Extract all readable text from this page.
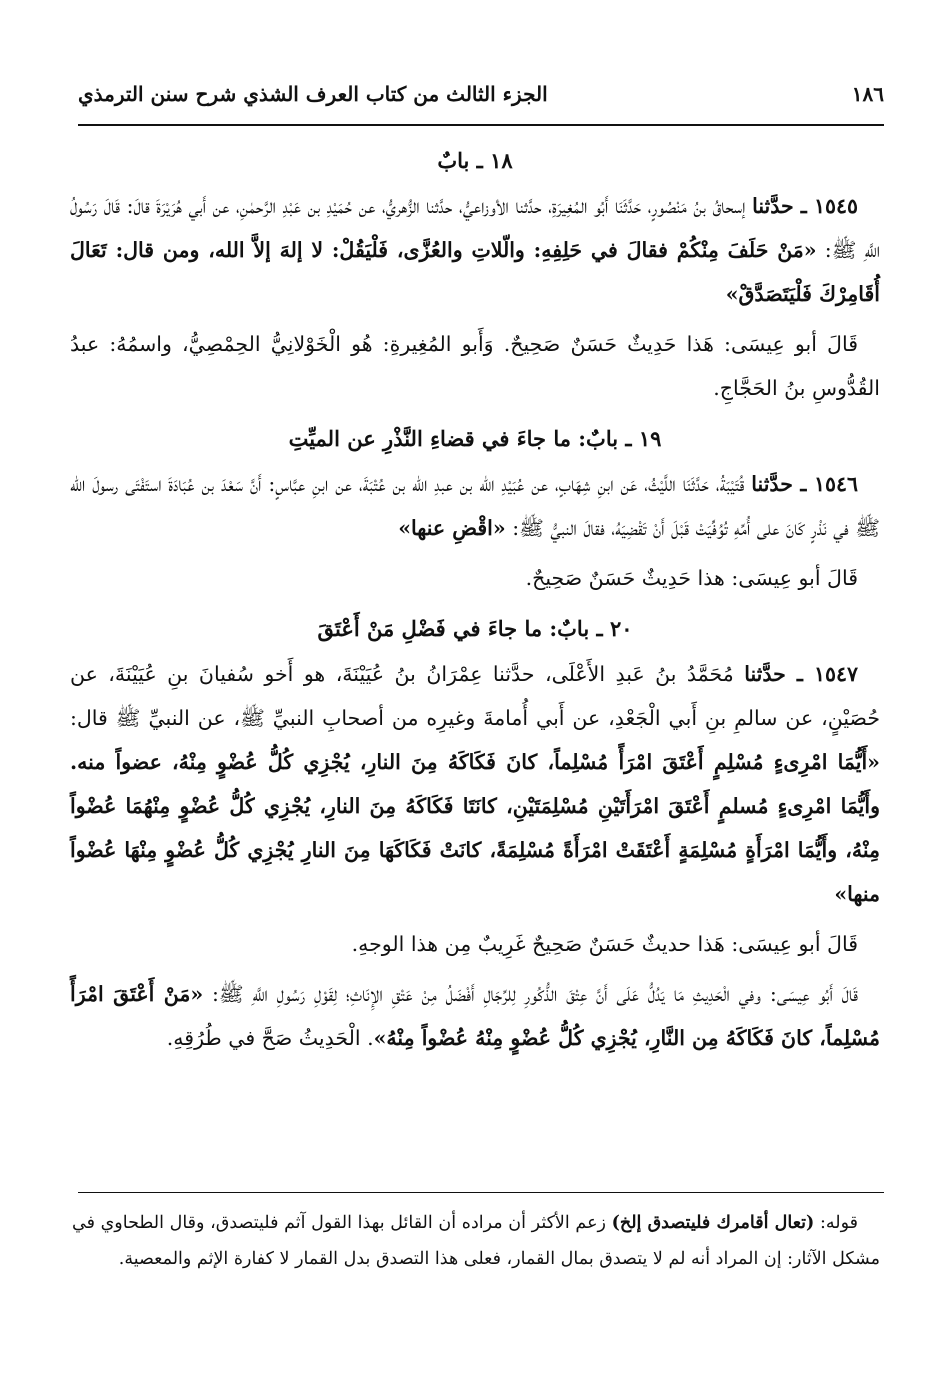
١٨٦
الجزء الثالث من كتاب العرف الشذي شرح سنن الترمذي

١٨ ـ بابٌ

١٥٤٥ ـ حدَّثنا إسحاقُ بنُ مَنْصُورٍ، حَدَّثَنَا أَبُو المُغِيرَةِ، حدَّثنا الأوزاعيُّ، حدَّثنا الزُّهريُّ، عن حُمَيْدِ بن عَبْدِ الرَّحمٰنِ، عن أَبي هُرَيْرَةَ قالَ: قَالَ رَسُولُ اللَّهِ ﷺ: «مَنْ حَلَفَ مِنْكُمْ فقالَ في حَلِفِهِ: والّلاتِ والعُزَّى، فَلْيَقُلْ: لا إلهَ إلاَّ الله، ومن قال: تَعَالَ أُقَامِرْكَ فَلْيَتَصَدَّقْ»

قَالَ أبو عِيسَى: هَذا حَدِيثٌ حَسَنٌ صَحِيحٌ. وَأَبو المُغِيرةِ: هُو الْخَوْلانِيُّ الحِمْصِيُّ، واسمُهُ: عبدُ القُدُّوسِ بنُ الحَجَّاجِ.

١٩ ـ بابٌ: ما جاءَ في قضاءِ النَّذْرِ عن الميِّتِ

١٥٤٦ ـ حدَّثنا قُتَيْبَةُ، حَدَّثَنَا اللَّيْثُ، عَن ابنِ شِهَابٍ، عن عُبَيْدِ الله بن عبدِ الله بن عُتْبَةَ، عن ابنِ عبَّاسٍ: أَنَّ سَعْدَ بن عُبَادَةَ استَفْتَى رسولَ الله ﷺ في نَذْرٍ كَانَ على أُمِّهِ تُوُفِّيَتْ قَبْلَ أَنْ تَقْضِيَهُ، فقالَ النبيُّ ﷺ: «اقْضِ عنها»

قَالَ أبو عِيسَى: هذا حَدِيثٌ حَسَنٌ صَحِيحٌ.

٢٠ ـ بابٌ: ما جاءَ في فَضْلِ مَنْ أَعْتَقَ

١٥٤٧ ـ حدَّثنا مُحَمَّدُ بنُ عَبدِ الأَعْلَى، حدَّثنا عِمْرَانُ بنُ عُيَيْنَةَ، هو أَخو سُفيانَ بنِ عُيَيْنَةَ، عن حُصَيْنٍ، عن سالمِ بنِ أَبي الْجَعْدِ، عن أَبي أُمامةَ وغيرِه من أصحابِ النبيِّ ﷺ، عن النبيِّ ﷺ قال: «أَيُّمَا امْرِىءٍ مُسْلِمٍ أَعْتَقَ امْرَأً مُسْلِماً، كانَ فَكَاكَهُ مِنَ النارِ، يُجْزِي كُلُّ عُضْوٍ مِنْهُ، عضواً منه. وأَيُّمَا امْرِىءٍ مُسلمٍ أَعْتَقَ امْرَأَتَيْنِ مُسْلِمَتَيْنِ، كانَتَا فَكَاكَهُ مِنَ النارِ، يُجْزِي كُلُّ عُضْوٍ مِنْهُمَا عُضْواً مِنْهُ، وأَيُّمَا امْرَأَةٍ مُسْلِمَةٍ أَعْتَقَتْ امْرَأَةً مُسْلِمَةً، كانَتْ فَكَاكَهَا مِنَ النارِ يُجْزِي كُلُّ عُضْوٍ مِنْهَا عُضْواً منها»

قَالَ أبو عِيسَى: هَذا حديثٌ حَسَنٌ صَحِيحٌ غَرِيبٌ مِن هذا الوجهِ.

قَالَ أَبُو عِيسَى: وفي الْحَدِيثِ مَا يَدُلُّ عَلَى أَنَّ عِتْقَ الذُّكُورِ لِلرِّجَالِ أَفْضَلُ مِنْ عَتْقِ الإِنَاثِ؛ لِقَوْلِ رَسُولِ اللَّهِ ﷺ: «مَنْ أَعْتَقَ امْرَأً مُسْلِماً، كانَ فَكَاكَهُ مِن النَّارِ، يُجْزِي كُلُّ عُضْوٍ مِنْهُ عُضْواً مِنْهُ». الْحَدِيثُ صَحَّ في طُرُقِهِ.

قوله: (تعال أقامرك فليتصدق إلخ) زعم الأكثر أن مراده أن القائل بهذا القول آثم فليتصدق، وقال الطحاوي في مشكل الآثار: إن المراد أنه لم لا يتصدق بمال القمار، فعلى هذا التصدق بدل القمار لا كفارة الإثم والمعصية.
